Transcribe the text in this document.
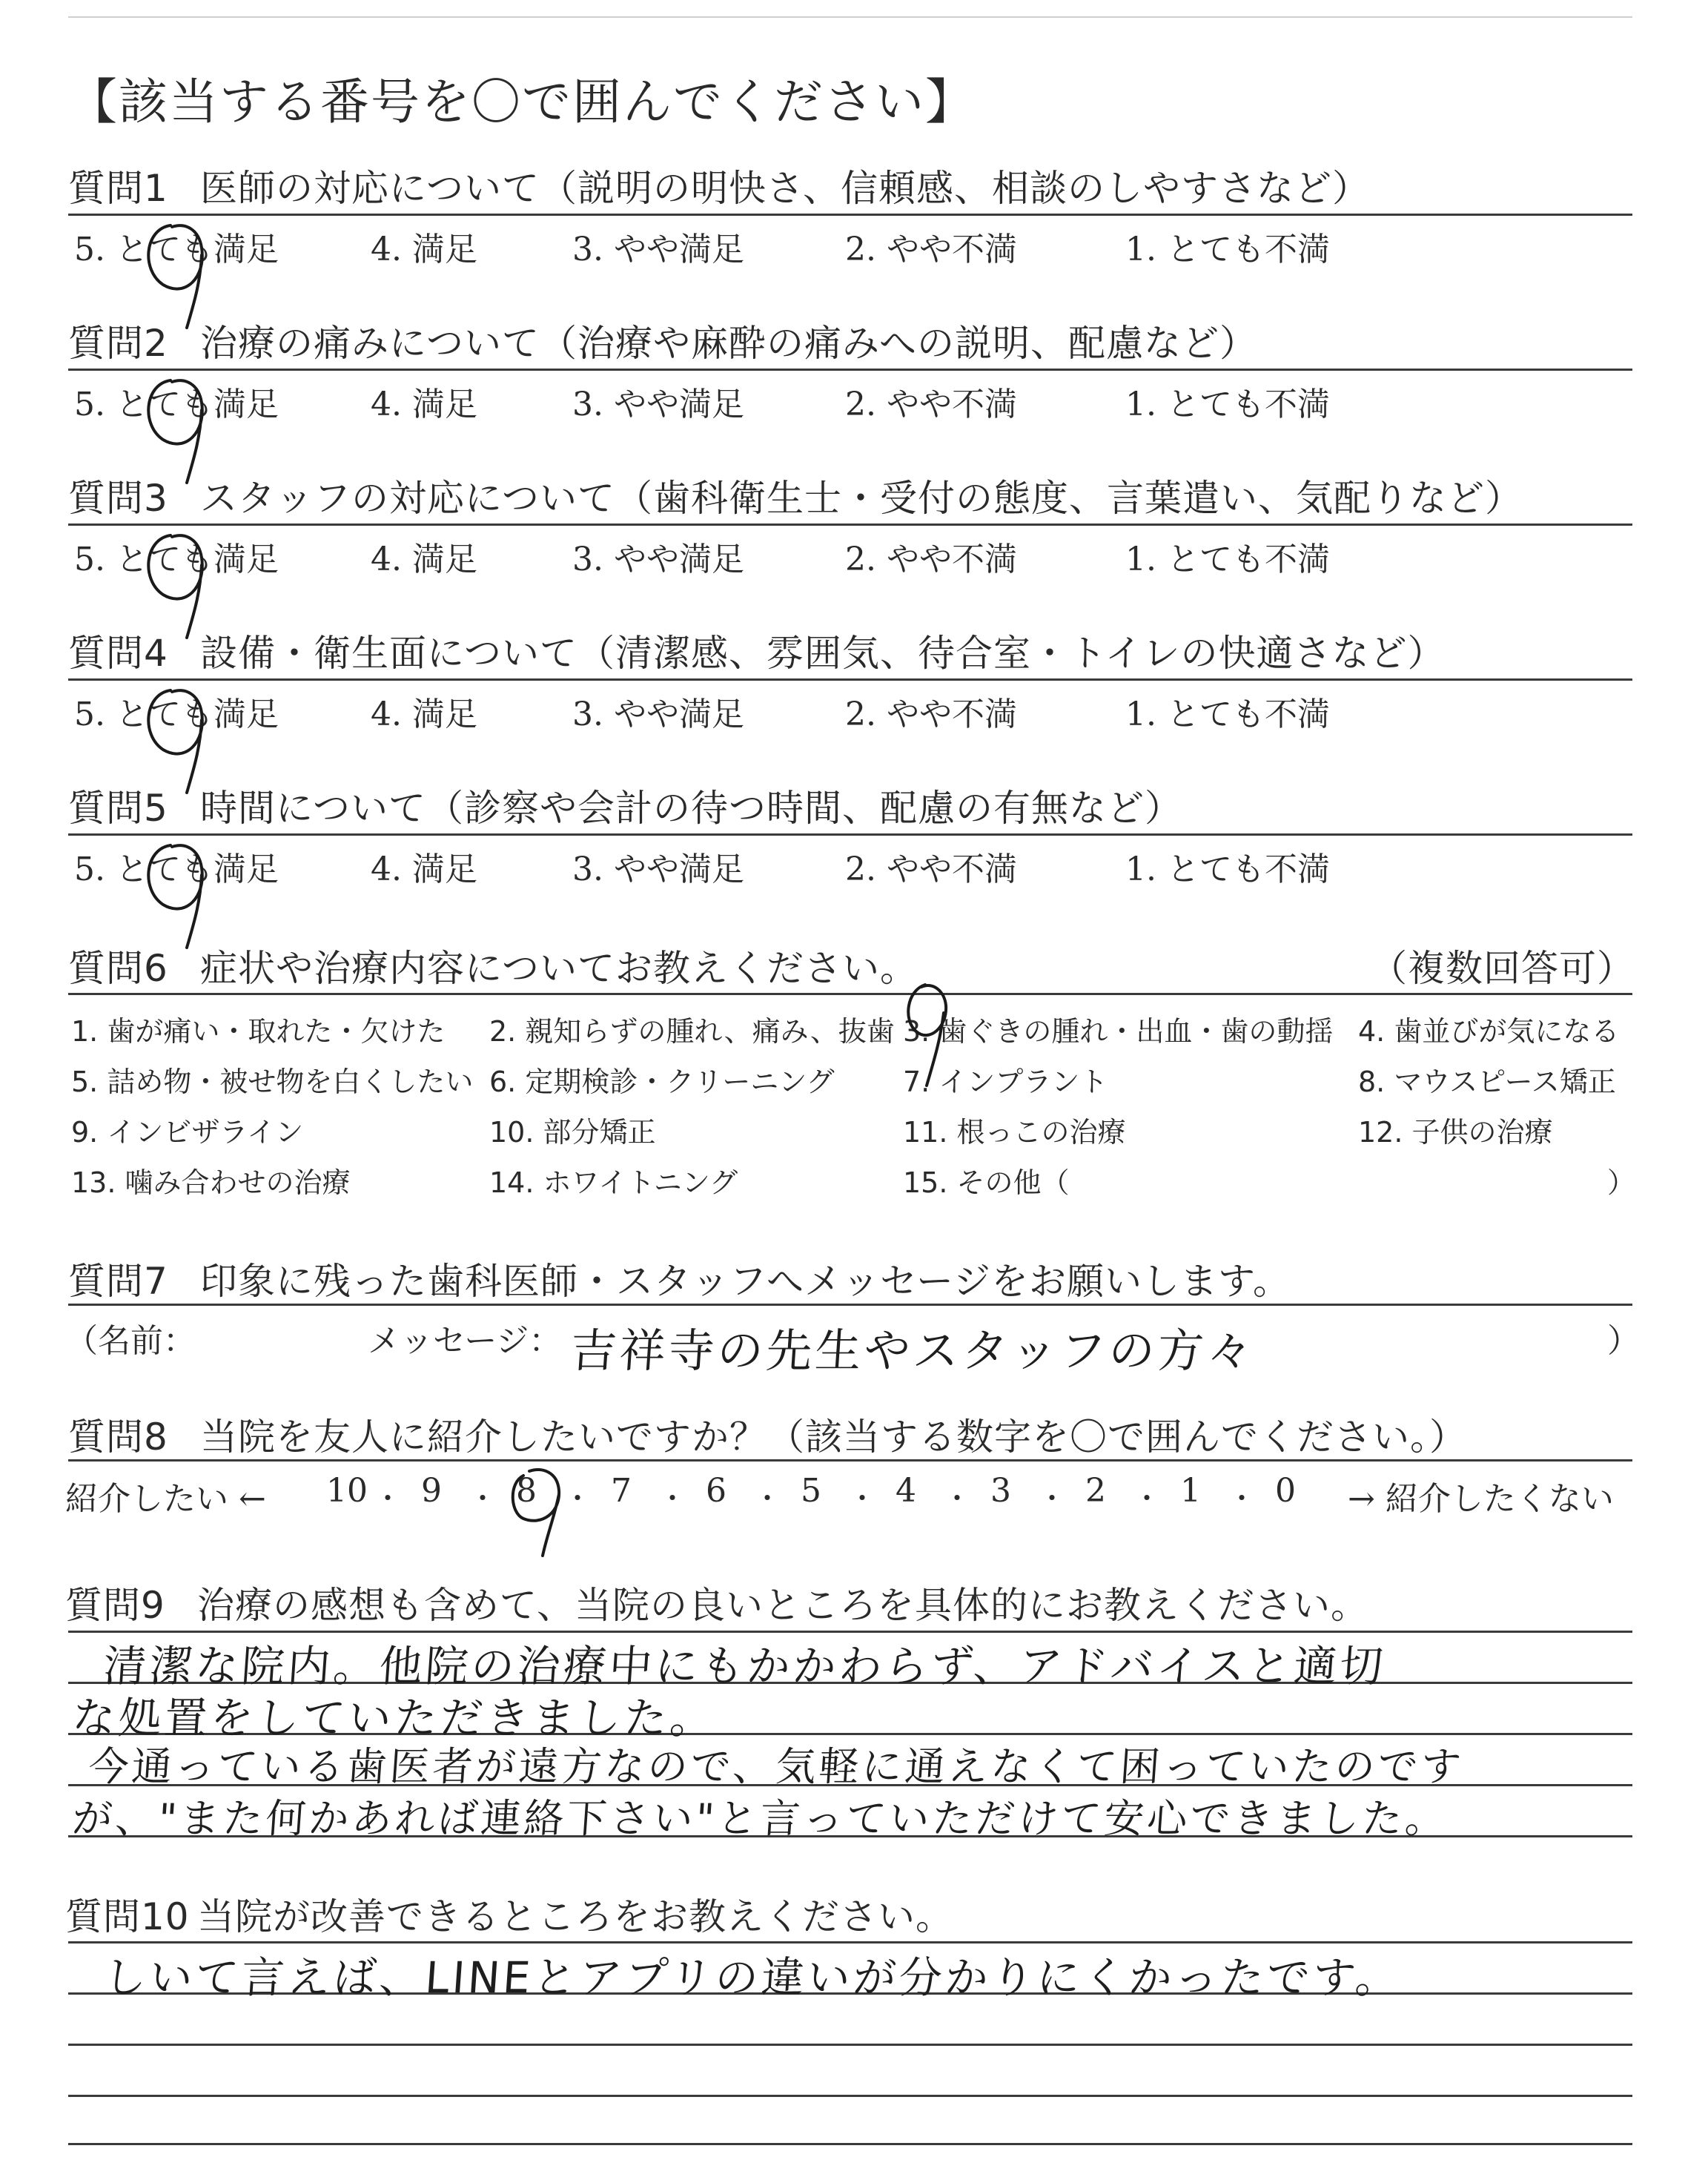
【該当する番号を〇で囲んでください】
質問1 医師の対応について（説明の明快さ、信頼感、相談のしやすさなど）
5. とても満足	4. 満足	3. やや満足	2. やや不満	1. とても不満
質問2 治療の痛みについて（治療や麻酔の痛みへの説明、配慮など）
5. とても満足	4. 満足	3. やや満足	2. やや不満	1. とても不満
質問3 スタッフの対応について（歯科衛生士・受付の態度、言葉遣い、気配りなど）
5. とても満足	4. 満足	3. やや満足	2. やや不満	1. とても不満
質問4 設備・衛生面について（清潔感、雰囲気、待合室・トイレの快適さなど）
5. とても満足	4. 満足	3. やや満足	2. やや不満	1. とても不満
質問5 時間について（診察や会計の待つ時間、配慮の有無など）
5. とても満足	4. 満足	3. やや満足	2. やや不満	1. とても不満
質問6 症状や治療内容についてお教えください。	（複数回答可）
1. 歯が痛い・取れた・欠けた 2. 親知らずの腫れ、痛み、抜歯 3. 歯ぐきの腫れ・出血・歯の動揺 4. 歯並びが気になる
5. 詰め物・被せ物を白くしたい 6. 定期検診・クリーニング 7. インプラント	8. マウスピース矯正
9. インビザライン	10. 部分矯正	11. 根っこの治療	12. 子供の治療
13. 噛み合わせの治療	14. ホワイトニング	15. その他（	）
質問7 印象に残った歯科医師・スタッフへメッセージをお願いします。
（名前：	メッセージ： 吉祥寺の先生やスタッフの方々	）
質問8 当院を友人に紹介したいですか？（該当する数字を〇で囲んでください。）
紹介したい ← 10 ・ 9 ・ 8 ・ 7 ・ 6 ・ 5 ・ 4 ・ 3 ・ 2 ・ 1 ・ 0 → 紹介したくない
質問9 治療の感想も含めて、当院の良いところを具体的にお教えください。
清潔な院内。他院の治療中にもかかわらず、アドバイスと適切
な処置をしていただきました。
今通っている歯医者が遠方なので、気軽に通えなくて困っていたのです
が、"また何かあれば連絡下さい"と言っていただけて安心できました。
質問10 当院が改善できるところをお教えください。
しいて言えば、LINEとアプリの違いが分かりにくかったです。
